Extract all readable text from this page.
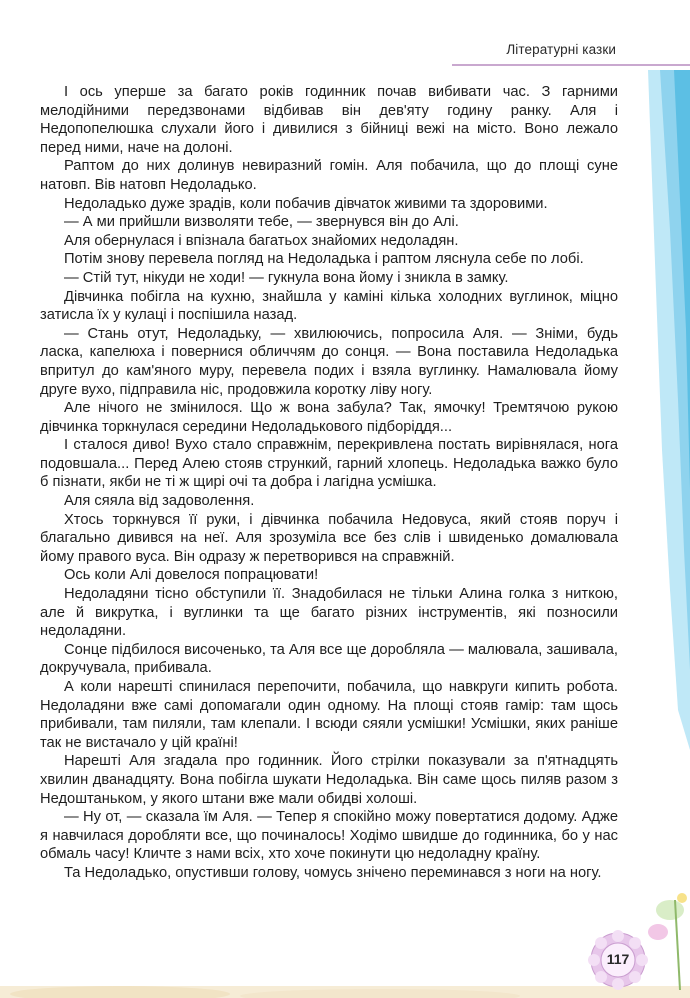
Літературні казки

І ось уперше за багато років годинник почав вибивати час. З гарними мелодійними передзвонами відбивав він дев'яту годину ранку. Аля і Недопопелюшка слухали його і дивилися з бійниці вежі на місто. Воно лежало перед ними, наче на долоні.

Раптом до них долинув невиразний гомін. Аля побачила, що до площі суне натовп. Вів натовп Недоладько.

Недоладько дуже зрадів, коли побачив дівчаток живими та здоровими.

— А ми прийшли визволяти тебе, — звернувся він до Алі.

Аля обернулася і впізнала багатьох знайомих недоладян.

Потім знову перевела погляд на Недоладька і раптом ляснула себе по лобі.

— Стій тут, нікуди не ходи! — гукнула вона йому і зникла в замку.

Дівчинка побігла на кухню, знайшла у каміні кілька холодних вуглинок, міцно затисла їх у кулаці і поспішила назад.

— Стань отут, Недоладьку, — хвилюючись, попросила Аля. — Зніми, будь ласка, капелюха і повернися обличчям до сонця. — Вона поставила Недоладька впритул до кам'яного муру, перевела подих і взяла вуглинку. Намалювала йому друге вухо, підправила ніс, продовжила коротку ліву ногу.

Але нічого не змінилося. Що ж вона забула? Так, ямочку! Тремтячою рукою дівчинка торкнулася середини Недоладькового підборіддя...

І сталося диво! Вухо стало справжнім, перекривлена постать вирівнялася, нога подовшала... Перед Алею стояв стрункий, гарний хлопець. Недоладька важко було б пізнати, якби не ті ж щирі очі та добра і лагідна усмішка.

Аля сяяла від задоволення.

Хтось торкнувся її руки, і дівчинка побачила Недовуса, який стояв поруч і благально дивився на неї. Аля зрозуміла все без слів і швиденько домалювала йому правого вуса. Він одразу ж перетворився на справжній.

Ось коли Алі довелося попрацювати!

Недоладяни тісно обступили її. Знадобилася не тільки Алина голка з ниткою, але й викрутка, і вуглинки та ще багато різних інструментів, які позносили недоладяни.

Сонце підбилося височенько, та Аля все ще доробляла — малювала, зашивала, докручувала, прибивала.

А коли нарешті спинилася перепочити, побачила, що навкруги кипить робота. Недоладяни вже самі допомагали один одному. На площі стояв гамір: там щось прибивали, там пиляли, там клепали. І всюди сяяли усмішки! Усмішки, яких раніше так не вистачало у цій країні!

Нарешті Аля згадала про годинник. Його стрілки показували за п'ятнадцять хвилин дванадцяту. Вона побігла шукати Недоладька. Він саме щось пиляв разом з Недоштаньком, у якого штани вже мали обидві холоші.

— Ну от, — сказала їм Аля. — Тепер я спокійно можу повертатися додому. Адже я навчилася доробляти все, що починалось! Ходімо швидше до годинника, бо у нас обмаль часу! Кличте з нами всіх, хто хоче покинути цю недоладну країну.

Та Недоладько, опустивши голову, чомусь знічено переминався з ноги на ногу.

117
